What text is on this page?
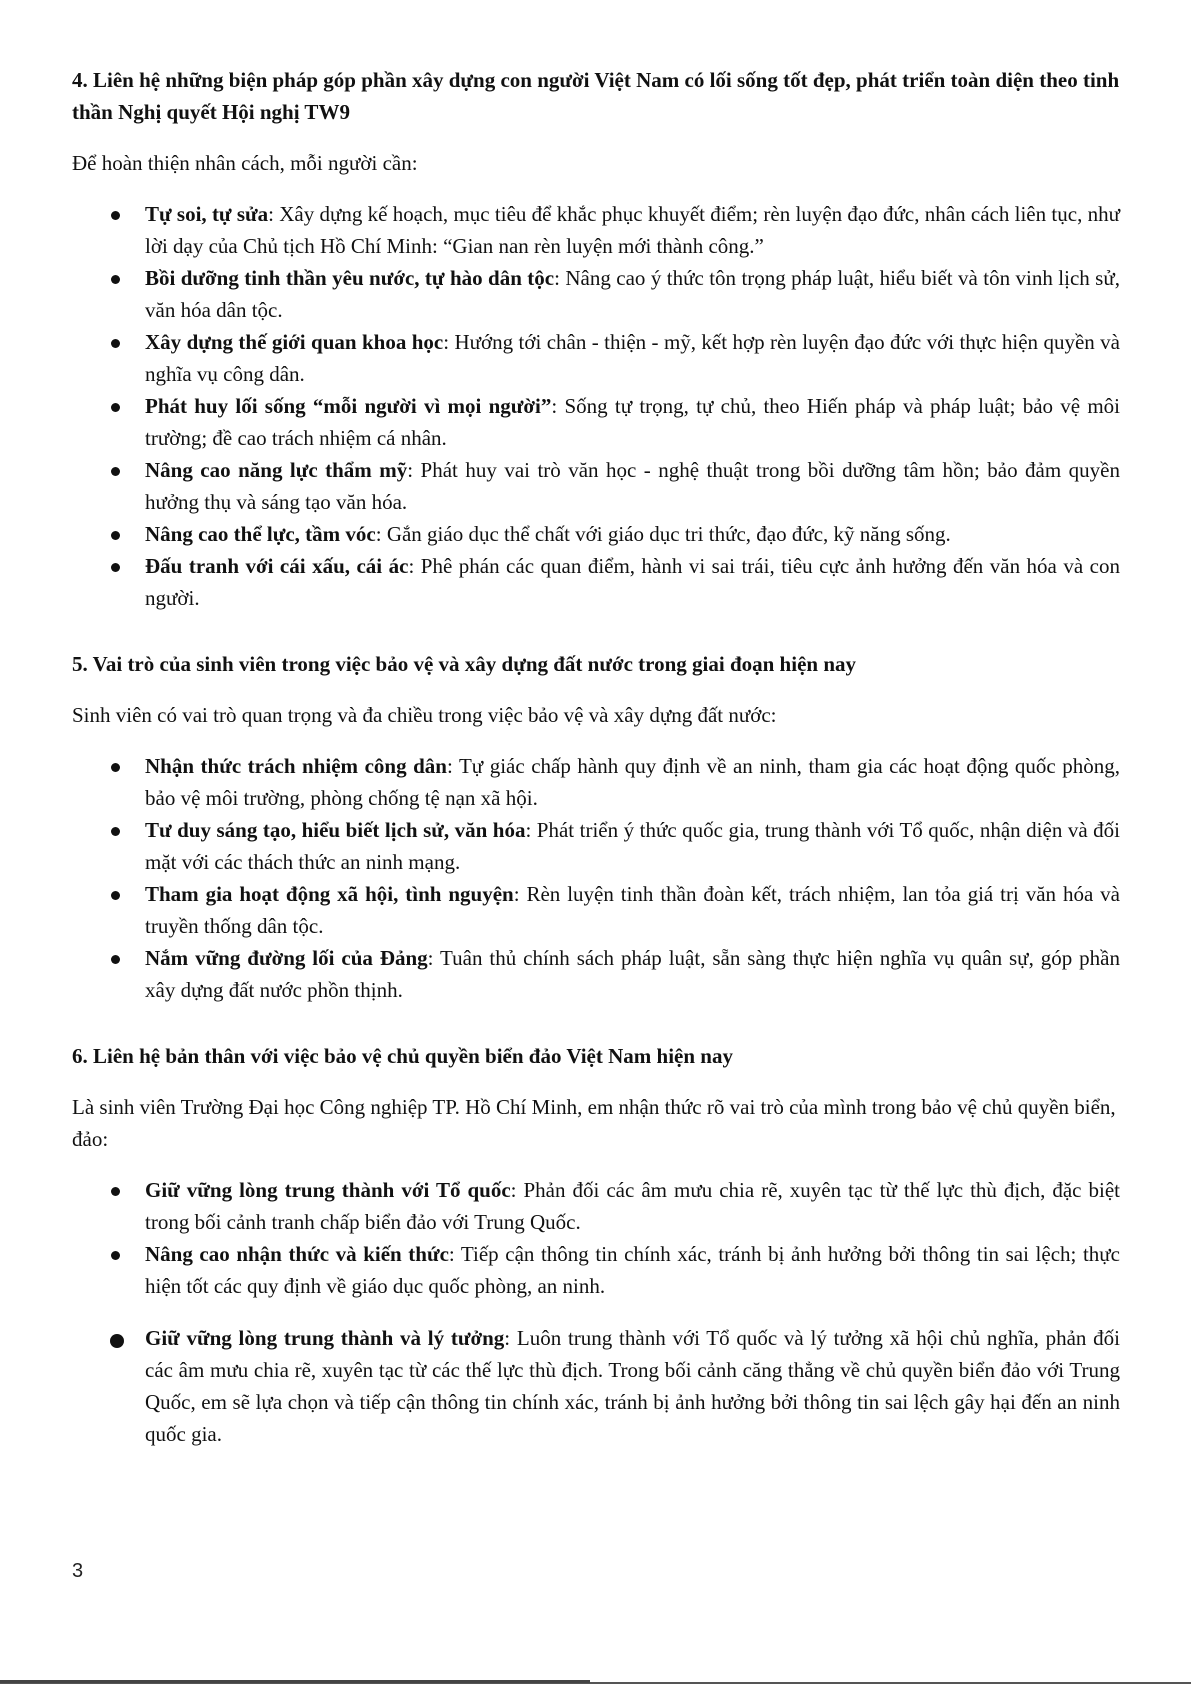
4. Liên hệ những biện pháp góp phần xây dựng con người Việt Nam có lối sống tốt đẹp, phát triển toàn diện theo tinh thần Nghị quyết Hội nghị TW9

Để hoàn thiện nhân cách, mỗi người cần:

Tự soi, tự sửa: Xây dựng kế hoạch, mục tiêu để khắc phục khuyết điểm; rèn luyện đạo đức, nhân cách liên tục, như lời dạy của Chủ tịch Hồ Chí Minh: “Gian nan rèn luyện mới thành công.”
Bồi dưỡng tinh thần yêu nước, tự hào dân tộc: Nâng cao ý thức tôn trọng pháp luật, hiểu biết và tôn vinh lịch sử, văn hóa dân tộc.
Xây dựng thế giới quan khoa học: Hướng tới chân - thiện - mỹ, kết hợp rèn luyện đạo đức với thực hiện quyền và nghĩa vụ công dân.
Phát huy lối sống “mỗi người vì mọi người”: Sống tự trọng, tự chủ, theo Hiến pháp và pháp luật; bảo vệ môi trường; đề cao trách nhiệm cá nhân.
Nâng cao năng lực thẩm mỹ: Phát huy vai trò văn học - nghệ thuật trong bồi dưỡng tâm hồn; bảo đảm quyền hưởng thụ và sáng tạo văn hóa.
Nâng cao thể lực, tầm vóc: Gắn giáo dục thể chất với giáo dục tri thức, đạo đức, kỹ năng sống.
Đấu tranh với cái xấu, cái ác: Phê phán các quan điểm, hành vi sai trái, tiêu cực ảnh hưởng đến văn hóa và con người.
5. Vai trò của sinh viên trong việc bảo vệ và xây dựng đất nước trong giai đoạn hiện nay

Sinh viên có vai trò quan trọng và đa chiều trong việc bảo vệ và xây dựng đất nước:

Nhận thức trách nhiệm công dân: Tự giác chấp hành quy định về an ninh, tham gia các hoạt động quốc phòng, bảo vệ môi trường, phòng chống tệ nạn xã hội.
Tư duy sáng tạo, hiểu biết lịch sử, văn hóa: Phát triển ý thức quốc gia, trung thành với Tổ quốc, nhận diện và đối mặt với các thách thức an ninh mạng.
Tham gia hoạt động xã hội, tình nguyện: Rèn luyện tinh thần đoàn kết, trách nhiệm, lan tỏa giá trị văn hóa và truyền thống dân tộc.
Nắm vững đường lối của Đảng: Tuân thủ chính sách pháp luật, sẵn sàng thực hiện nghĩa vụ quân sự, góp phần xây dựng đất nước phồn thịnh.
6. Liên hệ bản thân với việc bảo vệ chủ quyền biển đảo Việt Nam hiện nay

Là sinh viên Trường Đại học Công nghiệp TP. Hồ Chí Minh, em nhận thức rõ vai trò của mình trong bảo vệ chủ quyền biển, đảo:

Giữ vững lòng trung thành với Tổ quốc: Phản đối các âm mưu chia rẽ, xuyên tạc từ thế lực thù địch, đặc biệt trong bối cảnh tranh chấp biển đảo với Trung Quốc.
Nâng cao nhận thức và kiến thức: Tiếp cận thông tin chính xác, tránh bị ảnh hưởng bởi thông tin sai lệch; thực hiện tốt các quy định về giáo dục quốc phòng, an ninh.
Giữ vững lòng trung thành và lý tưởng: Luôn trung thành với Tổ quốc và lý tưởng xã hội chủ nghĩa, phản đối các âm mưu chia rẽ, xuyên tạc từ các thế lực thù địch. Trong bối cảnh căng thẳng về chủ quyền biển đảo với Trung Quốc, em sẽ lựa chọn và tiếp cận thông tin chính xác, tránh bị ảnh hưởng bởi thông tin sai lệch gây hại đến an ninh quốc gia.
3
